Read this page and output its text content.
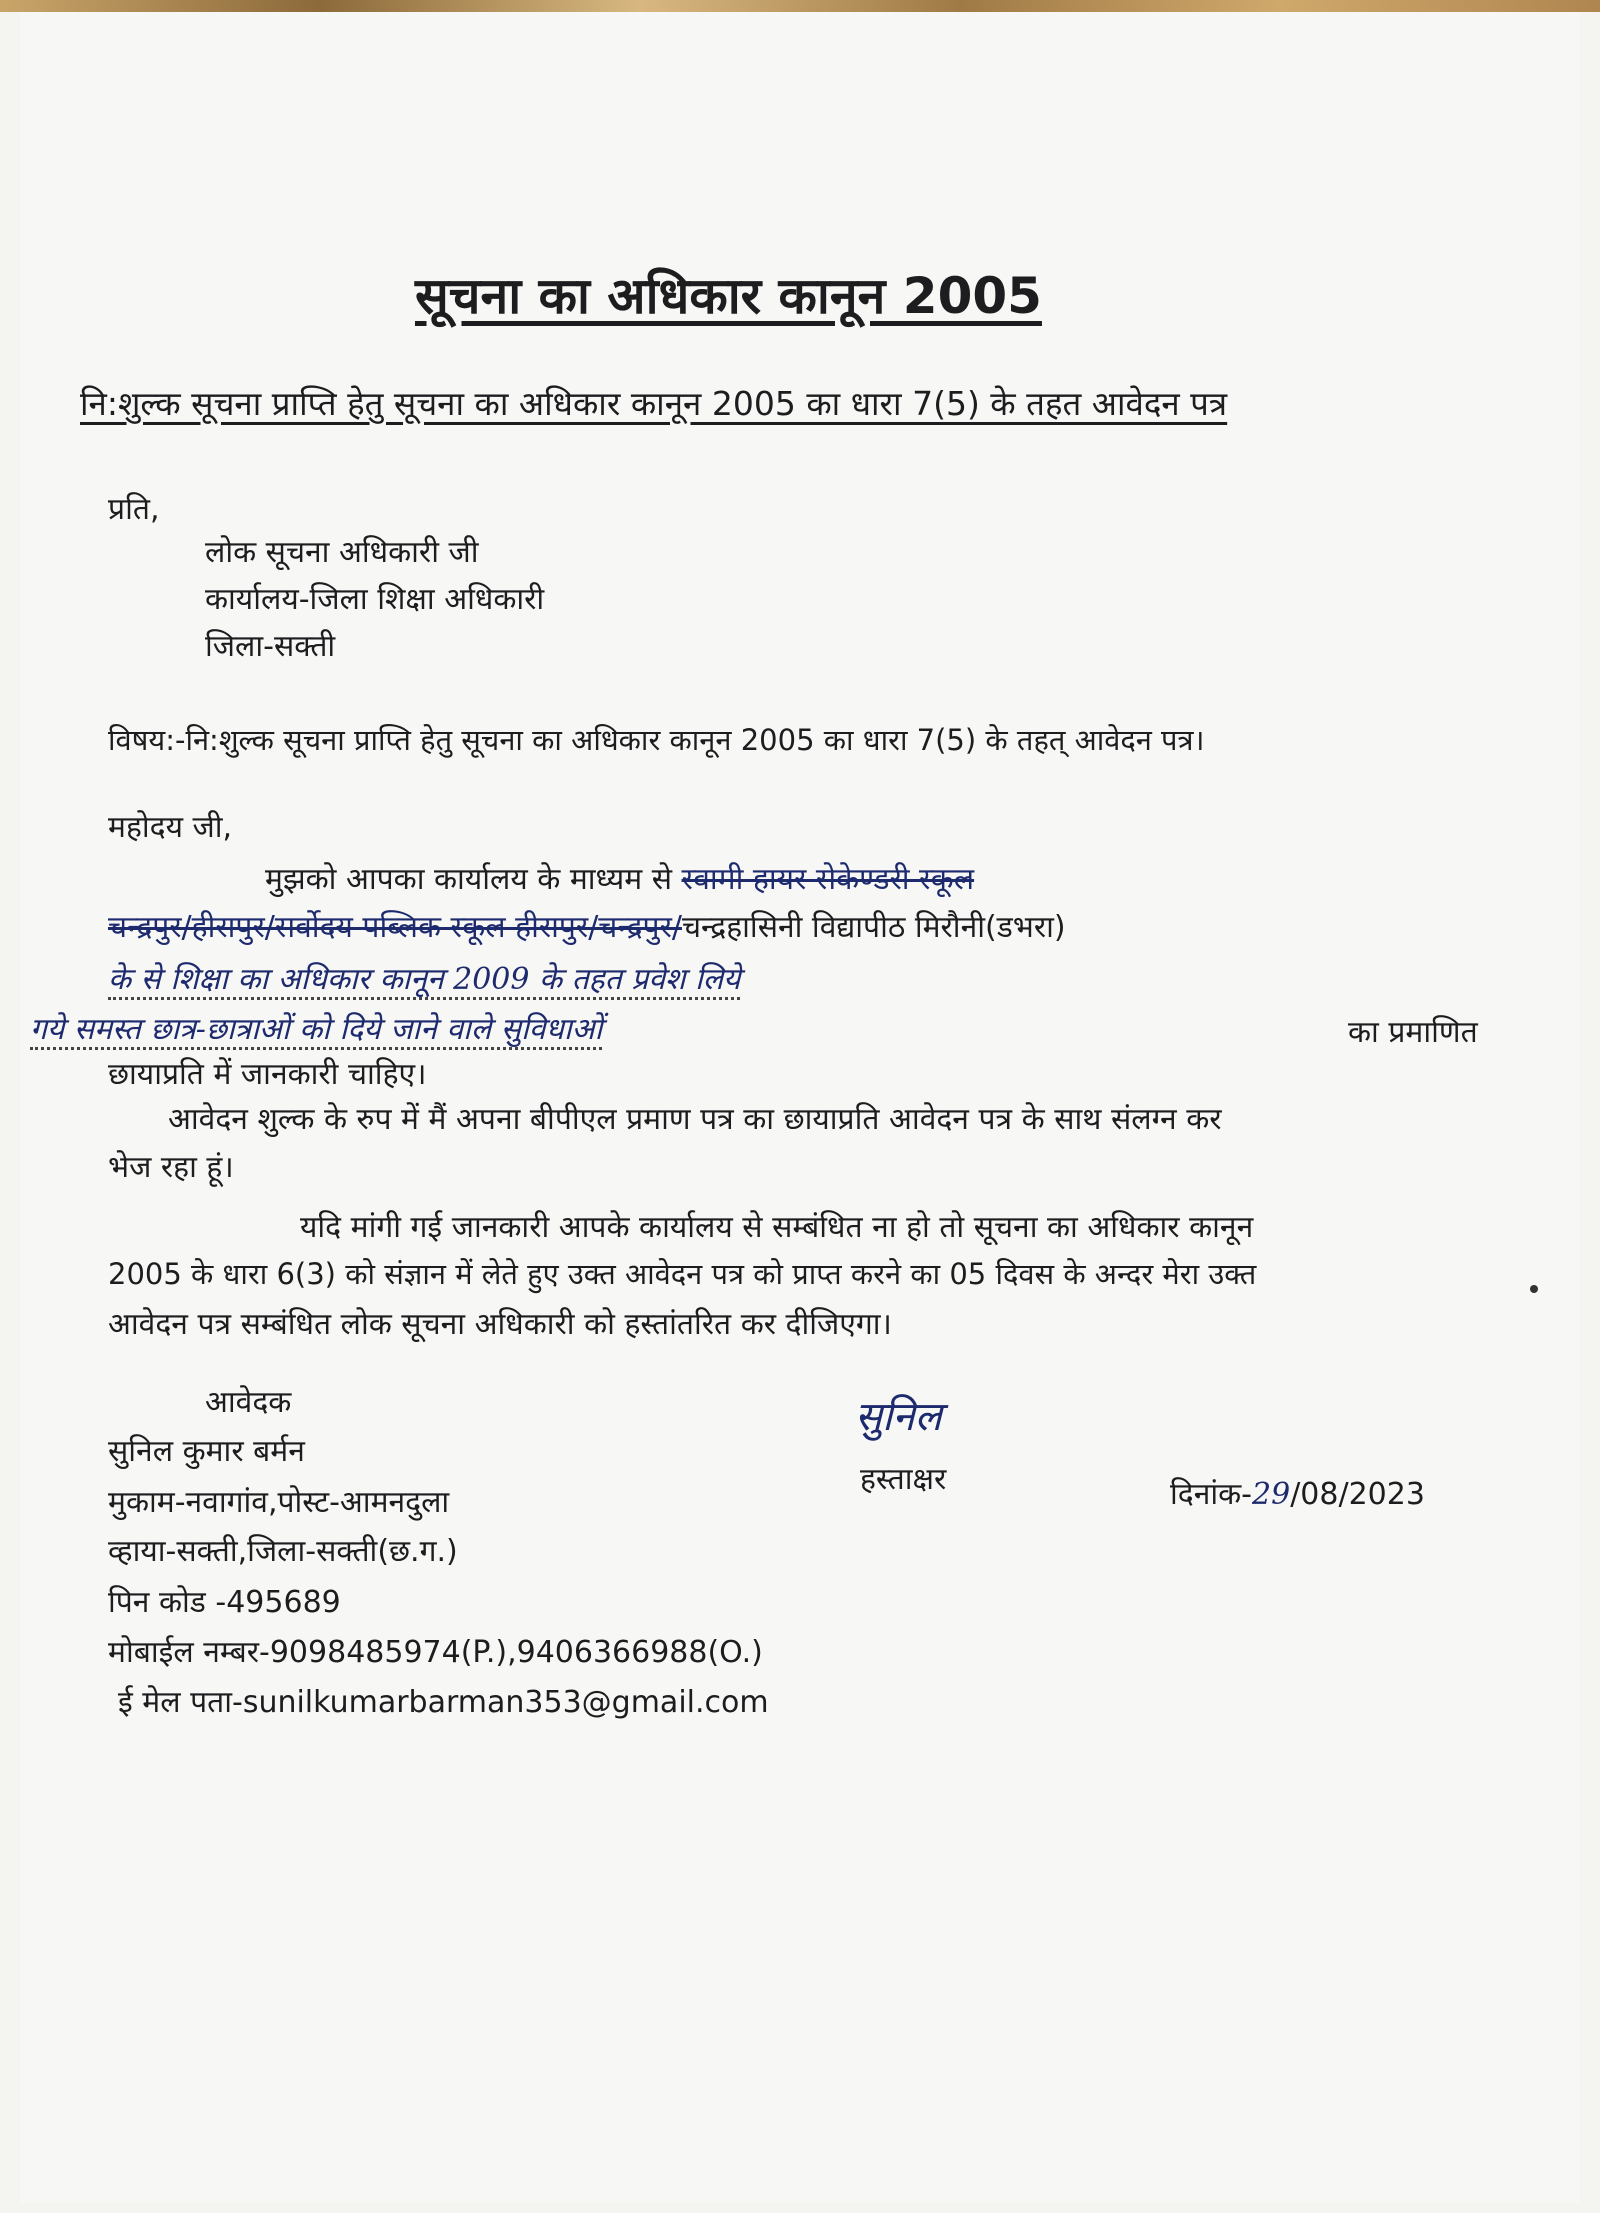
सूचना का अधिकार कानून 2005
नि:शुल्क सूचना प्राप्ति हेतु सूचना का अधिकार कानून 2005 का धारा 7(5) के तहत आवेदन पत्र
प्रति,
लोक सूचना अधिकारी जी
कार्यालय-जिला शिक्षा अधिकारी
जिला-सक्ती
विषय:-नि:शुल्क सूचना प्राप्ति हेतु सूचना का अधिकार कानून 2005 का धारा 7(5) के तहत् आवेदन पत्र।
महोदय जी,
मुझको आपका कार्यालय के माध्यम से स्वामी हायर सेकेण्डरी स्कूल
चन्द्रपुर/हीरापुर/सर्वोदय पब्लिक स्कूल हीरापुर/चन्द्रपुर/चन्द्रहासिनी विद्यापीठ मिरौनी(डभरा)
के से शिक्षा का अधिकार कानून 2009 के तहत प्रवेश लिये
गये समस्त छात्र-छात्राओं को दिये जाने वाले सुविधाओं	का प्रमाणित
छायाप्रति में जानकारी चाहिए।
आवेदन शुल्क के रुप में मैं अपना बीपीएल प्रमाण पत्र का छायाप्रति आवेदन पत्र के साथ संलग्न कर
भेज रहा हूं।
यदि मांगी गई जानकारी आपके कार्यालय से सम्बंधित ना हो तो सूचना का अधिकार कानून
2005 के धारा 6(3) को संज्ञान में लेते हुए उक्त आवेदन पत्र को प्राप्त करने का 05 दिवस के अन्दर मेरा उक्त
आवेदन पत्र सम्बंधित लोक सूचना अधिकारी को हस्तांतरित कर दीजिएगा।
आवेदक
सुनिल कुमार बर्मन
मुकाम-नवागांव,पोस्ट-आमनदुला
व्हाया-सक्ती,जिला-सक्ती(छ.ग.)
पिन कोड -495689
मोबाईल नम्बर-9098485974(P.),9406366988(O.)
ई मेल पता-sunilkumarbarman353@gmail.com
सुनिल
हस्ताक्षर	दिनांक-29/08/2023
